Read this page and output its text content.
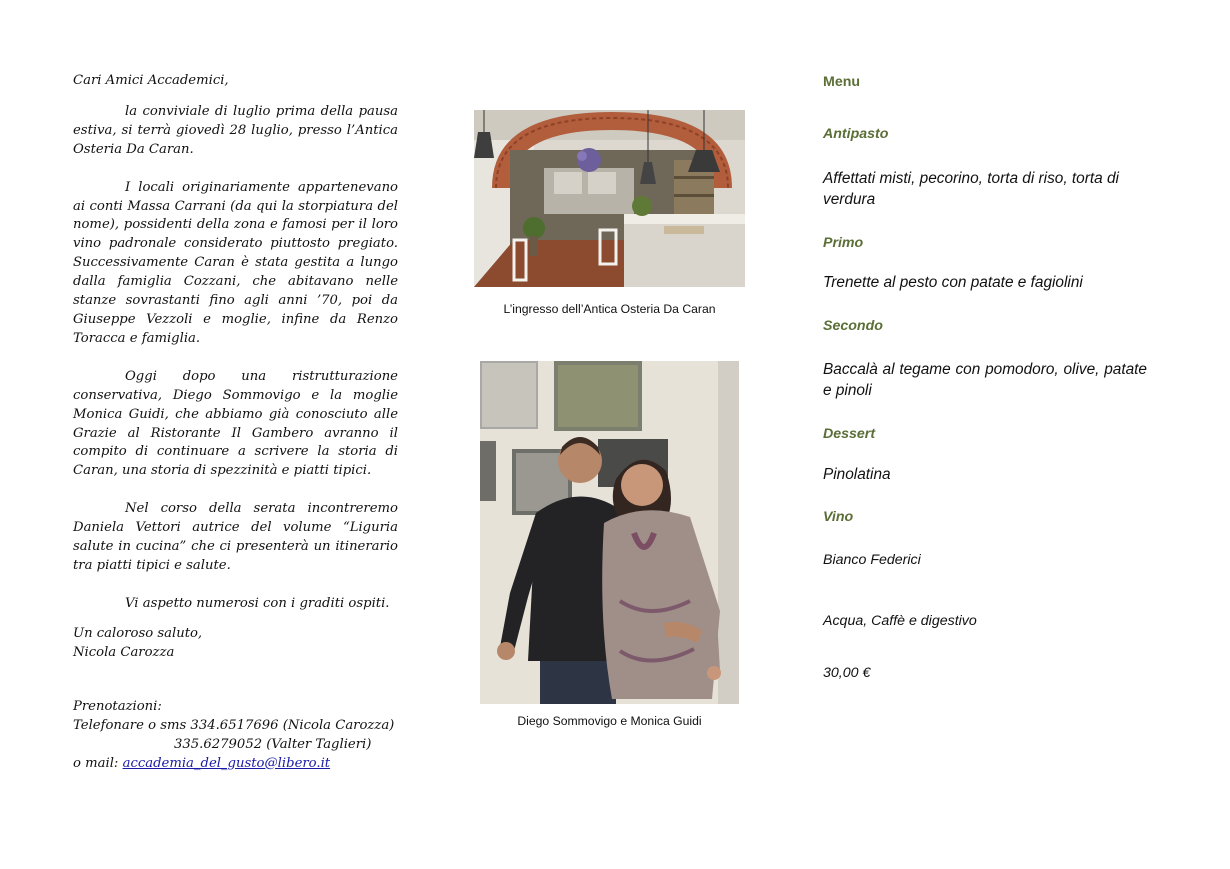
Cari Amici Accademici,

la conviviale di luglio prima della pausa estiva, si terrà giovedì 28 luglio, presso l’Antica Osteria Da Caran.

I locali originariamente appartenevano ai conti Massa Carrani (da qui la storpiatura del nome), possidenti della zona e famosi per il loro vino padronale considerato piuttosto pregiato. Successivamente Caran è stata gestita a lungo dalla famiglia Cozzani, che abitavano nelle stanze sovrastanti fino agli anni ’70, poi da Giuseppe Vezzoli e moglie, infine da Renzo Toracca e famiglia.

Oggi dopo una ristrutturazione conservativa, Diego Sommovigo e la moglie Monica Guidi, che abbiamo già conosciuto alle Grazie al Ristorante Il Gambero avranno il compito di continuare a scrivere la storia di Caran, una storia di spezzinità e piatti tipici.

Nel corso della serata incontreremo Daniela Vettori autrice del volume “Liguria salute in cucina” che ci presenterà un itinerario tra piatti tipici e salute.

Vi aspetto numerosi con i graditi ospiti.

Un caloroso saluto,

Nicola Carozza

Prenotazioni:
Telefonare o sms 334.6517696 (Nicola Carozza)
335.6279052 (Valter Taglieri)
o mail: accademia_del_gusto@libero.it
L’ingresso dell’Antica Osteria Da Caran
Diego Sommovigo e Monica Guidi
Menu
Antipasto
Affettati misti, pecorino, torta di riso, torta di verdura
Primo
Trenette al pesto con patate e fagiolini
Secondo
Baccalà al tegame con pomodoro, olive, patate e pinoli
Dessert
Pinolatina
Vino
Bianco Federici
Acqua, Caffè e digestivo
30,00 €
